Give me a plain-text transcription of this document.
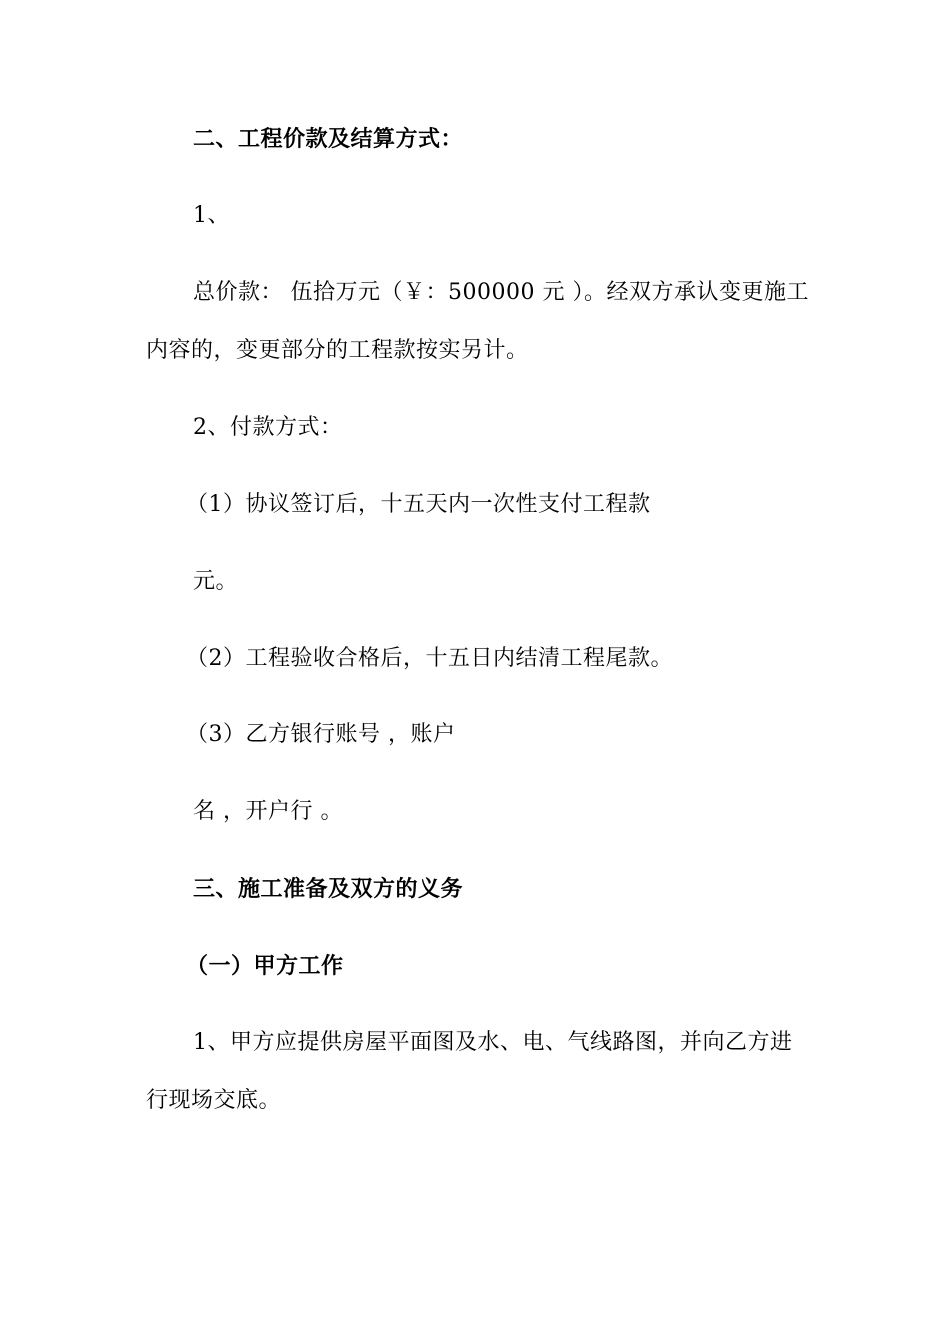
二、工程价款及结算方式：
1、
总价款： 伍拾万元（￥：500000 元 ）。经双方承认变更施工
内容的，变更部分的工程款按实另计。
2、付款方式：
（1）协议签订后，十五天内一次性支付工程款
元。
（2）工程验收合格后，十五日内结清工程尾款。
（3）乙方银行账号 ，账户
名 ，开户行 。
三、施工准备及双方的义务
（一）甲方工作
1、甲方应提供房屋平面图及水、电、气线路图，并向乙方进
行现场交底。
